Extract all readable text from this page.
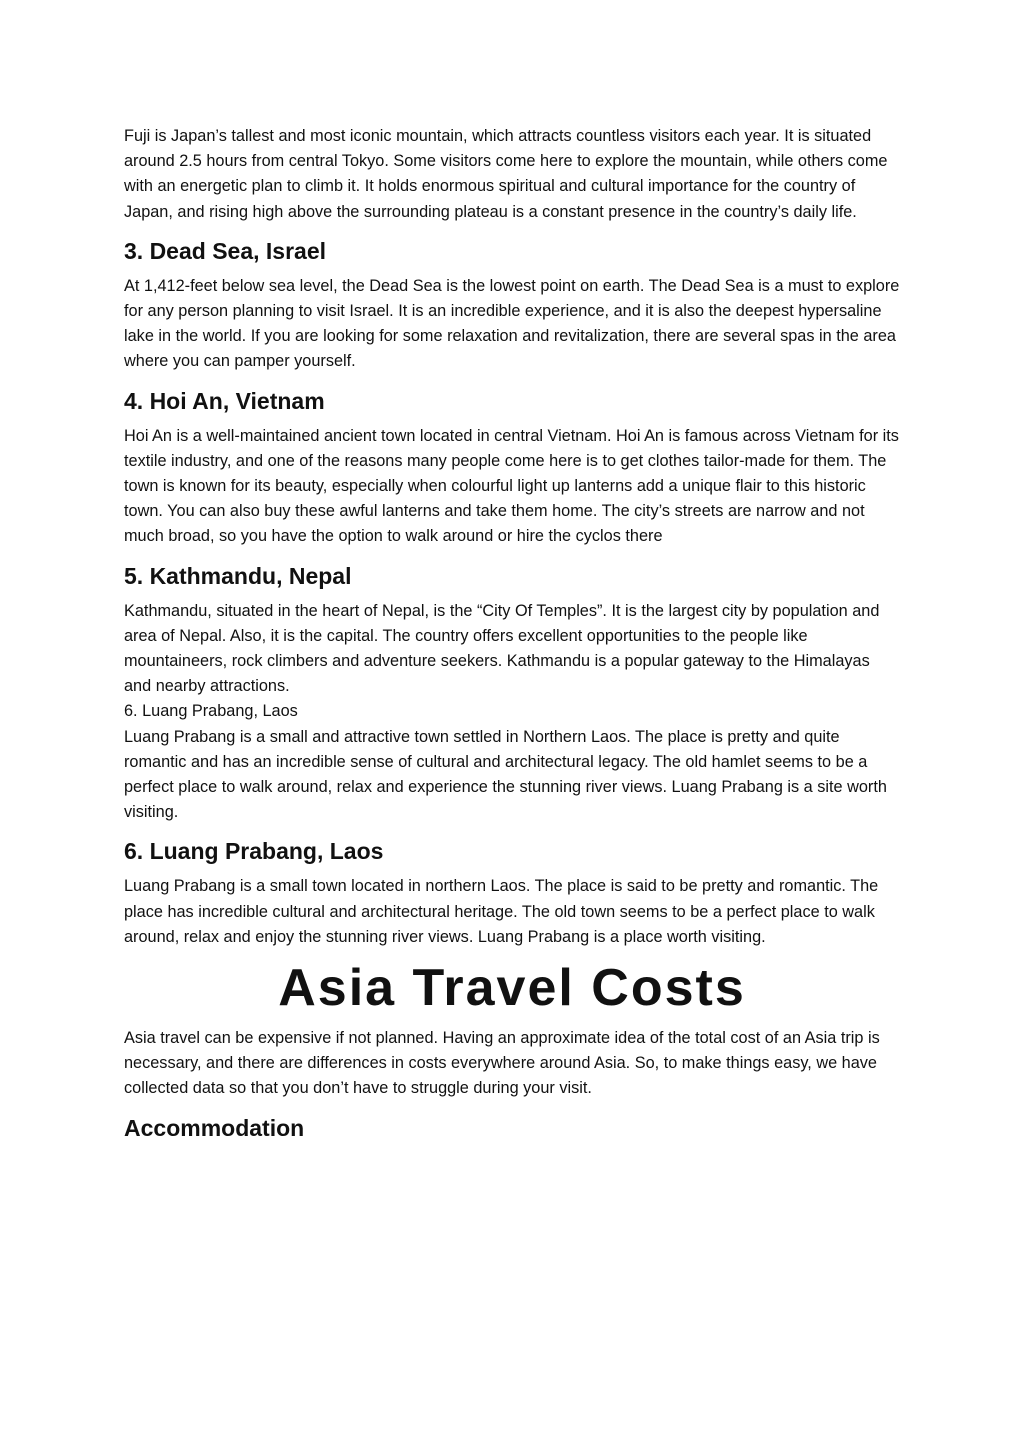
Fuji is Japan’s tallest and most iconic mountain, which attracts countless visitors each year. It is situated around 2.5 hours from central Tokyo. Some visitors come here to explore the mountain, while others come with an energetic plan to climb it. It holds enormous spiritual and cultural importance for the country of Japan, and rising high above the surrounding plateau is a constant presence in the country’s daily life.

3. Dead Sea, Israel

At 1,412-feet below sea level, the Dead Sea is the lowest point on earth. The Dead Sea is a must to explore for any person planning to visit Israel. It is an incredible experience, and it is also the deepest hypersaline lake in the world. If you are looking for some relaxation and revitalization, there are several spas in the area where you can pamper yourself.

4. Hoi An, Vietnam

Hoi An is a well-maintained ancient town located in central Vietnam. Hoi An is famous across Vietnam for its textile industry, and one of the reasons many people come here is to get clothes tailor-made for them. The town is known for its beauty, especially when colourful light up lanterns add a unique flair to this historic town. You can also buy these awful lanterns and take them home. The city’s streets are narrow and not much broad, so you have the option to walk around or hire the cyclos there

5. Kathmandu, Nepal

Kathmandu, situated in the heart of Nepal, is the “City Of Temples”. It is the largest city by population and area of Nepal. Also, it is the capital. The country offers excellent opportunities to the people like mountaineers, rock climbers and adventure seekers. Kathmandu is a popular gateway to the Himalayas and nearby attractions.
6. Luang Prabang, Laos
Luang Prabang is a small and attractive town settled in Northern Laos. The place is pretty and quite romantic and has an incredible sense of cultural and architectural legacy. The old hamlet seems to be a perfect place to walk around, relax and experience the stunning river views. Luang Prabang is a site worth visiting.

6. Luang Prabang, Laos

Luang Prabang is a small town located in northern Laos. The place is said to be pretty and romantic. The place has incredible cultural and architectural heritage. The old town seems to be a perfect place to walk around, relax and enjoy the stunning river views. Luang Prabang is a place worth visiting.

Asia Travel Costs

Asia travel can be expensive if not planned. Having an approximate idea of the total cost of an Asia trip is necessary, and there are differences in costs everywhere around Asia. So, to make things easy, we have collected data so that you don’t have to struggle during your visit.

Accommodation
